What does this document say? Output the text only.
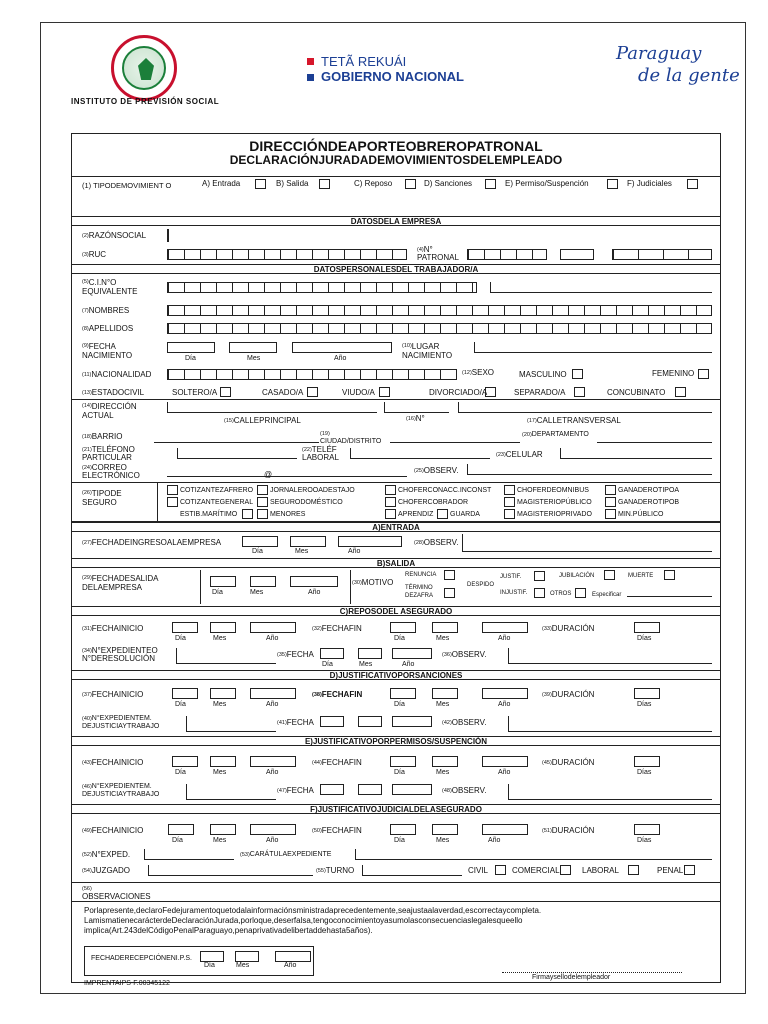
INSTITUTO DE PREVISIÓN SOCIAL
TETÃ REKUÁI
GOBIERNO NACIONAL
Paraguay
de la gente
DIRECCIÓNDEAPORTEOBREROPATRONAL
DECLARACIÓNJURADADEMOVIMIENTOSDELEMPLEADO
(1) TIPODEMOVIMIENT O	A) Entrada	B) Salida	C) Reposo	D) Sanciones	E) Permiso/Suspención	F) Judiciales
DATOSDELA EMPRESA
$^{(2)}$RAZÓNSOCIAL
$^{(3)}$RUC	$^{(4)}$N° PATRONAL
DATOSPERSONALESDEL TRABAJADOR/A
$^{(5)}$C.I.N°O EQUIVALENTE
$^{(7)}$NOMBRES
$^{(8)}$APELLIDOS
$^{(9)}$FECHA NACIMIENTO	Día	Mes	Año
$^{(10)}$LUGAR NACIMIENTO
$^{(11)}$NACIONALIDAD	$^{(12)}$SEXO	MASCULINO	FEMENINO
$^{(13)}$ESTADOCIVIL	SOLTERO/A	CASADO/A	VIUDO/A	DIVORCIADO/A	SEPARADO/A	CONCUBINATO
$^{(14)}$DIRECCIÓN ACTUAL
$^{(15)}$CALLEPRINCIPAL	$^{(16)}$N°	$^{(17)}$CALLETRANSVERSAL
$^{(18)}$BARRIO	$^{(19)}$
CIUDAD/DISTRITO
$^{(20)}$DEPARTAMENTO
$^{(21)}$TELÉFONO PARTICULAR
$^{(22)}$TELÉF LABORAL	$^{(23)}$CELULAR
$^{(24)}$CORREO ELECTRÓNICO	@	$^{(25)}$OBSERV.
$^{(26)}$TIPODE SEGURO
COTIZANTEZAFRERO JORNALEROOADESTAJO	CHOFERCONACC.INCONST	CHOFERDEOMNIBUS	GANADEROTIPOA
COTIZANTEGENERAL SEGURODOMÉSTICO	CHOFERCOBRADOR	MAGISTERIOPÚBLICO	GANADEROTIPOB
ESTIB.MARÍTIMO	MENORES	APRENDIZ GUARDA	MAGISTERIOPRIVADO	MIN.PÚBLICO
A)ENTRADA
$^{(27)}$FECHADEINGRESOALAEMPRESA
Día	Mes	Año
$^{(28)}$OBSERV.
B)SALIDA
$^{(29)}$FECHADESALIDA DELAEMPRESA
Día	Mes	Año
$^{(30)}$MOTIVO
RENUNCIA
TÉRMINO DEZAFRA
DESPIDO
JUSTIF.
INJUSTIF.
JUBILACIÓN	MUERTE
OTROS	Especificar
C)REPOSODEL ASEGURADO
$^{(31)}$FECHAINICIO
Día	Mes	Año
$^{(32)}$FECHAFIN
Día	Mes	Año
$^{(33)}$DURACIÓN
Días
$^{(34)}$N°EXPEDIENTEO N°DERESOLUCIÓN	$^{(35)}$FECHA
Día	Mes	Año
$^{(36)}$OBSERV.
D)JUSTIFICATIVOPORSANCIONES
$^{(37)}$FECHAINICIO
Día	Mes	Año
$^{(38)}$FECHAFIN
Día	Mes	Año
$^{(39)}$DURACIÓN
Días
$^{(40)}$N°EXPEDIENTEM. DEJUSTICIAYTRABAJO	$^{(41)}$FECHA	$^{(42)}$OBSERV.
E)JUSTIFICATIVOPORPERMISOS/SUSPENCIÓN
$^{(43)}$FECHAINICIO
Día	Mes	Año
$^{(44)}$FECHAFIN
Día	Mes	Año
$^{(45)}$DURACIÓN
Días
$^{(46)}$N°EXPEDIENTEM. DEJUSTICIAYTRABAJO	$^{(47)}$FECHA	$^{(48)}$OBSERV.
F)JUSTIFICATIVOJUDICIALDELASEGURADO
$^{(49)}$FECHAINICIO
Día	Mes	Año
$^{(50)}$FECHAFIN
Día	Mes	Año
$^{(51)}$DURACIÓN
Días
$^{(52)}$N°EXPED.	$^{(53)}$CARÁTULAEXPEDIENTE
$^{(54)}$JUZGADO	$^{(55)}$TURNO	CIVIL	COMERCIAL	LABORAL	PENAL
$^{(56)}$
OBSERVACIONES
Porlapresente,declaroFedejuramentoquetodalainformaciónsministradaprecedentemente,seajustaalaverdad,escorrectaycompleta.
LamismatienecarácterdeDeclaraciónJurada,porloque,deserfalsa,tengoconocimientoyasumolasconsecuenciaslegalesqueello
implica(Art.243delCódigoPenalParaguayo,penaprivativadelibertaddehasta5años).
FECHADERECEPCIÓNENI.P.S.
Día	Mes	Año
Firmaysellodelempleador
IMPRENTAIPS-F.00345122
